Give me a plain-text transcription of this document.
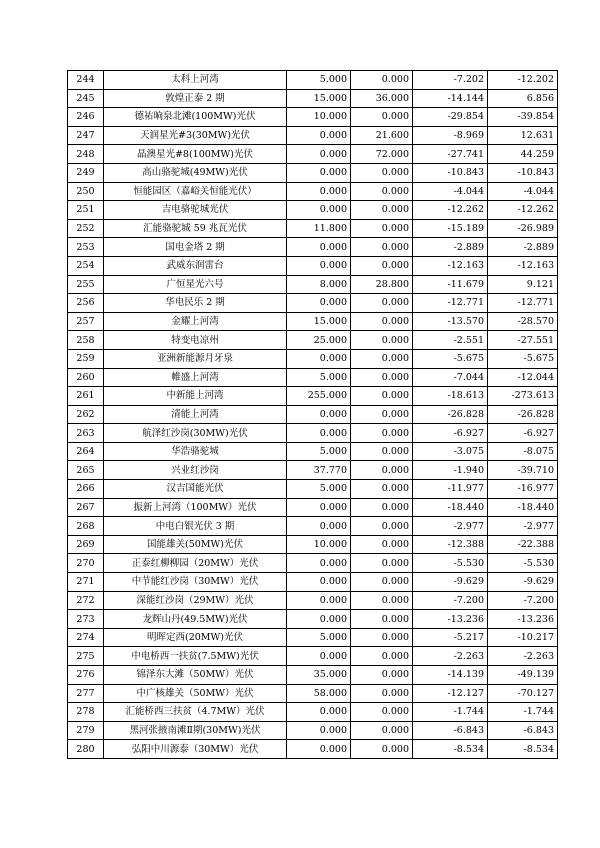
244	太科上河湾	5.000	0.000	-7.202	-12.202
245	敦煌正泰 2 期	15.000	36.000	-14.144	6.856
246	德祐晌泉北滩(100MW)光伏	10.000	0.000	-29.854	-39.854
247	天润星光#3(30MW)光伏	0.000	21.600	-8.969	12.631
248	晶澳星光#8(100MW)光伏	0.000	72.000	-27.741	44.259
249	高山骆驼城(49MW)光伏	0.000	0.000	-10.843	-10.843
250	恒能园区（嘉峪关恒能光伏）	0.000	0.000	-4.044	-4.044
251	吉电骆驼城光伏	0.000	0.000	-12.262	-12.262
252	汇能骆驼城 59 兆瓦光伏	11.800	0.000	-15.189	-26.989
253	国电金塔 2 期	0.000	0.000	-2.889	-2.889
254	武威东润雷台	0.000	0.000	-12.163	-12.163
255	广恒星光六号	8.000	28.800	-11.679	9.121
256	华电民乐 2 期	0.000	0.000	-12.771	-12.771
257	金耀上河湾	15.000	0.000	-13.570	-28.570
258	特变电凉州	25.000	0.000	-2.551	-27.551
259	亚洲新能源月牙泉	0.000	0.000	-5.675	-5.675
260	帷盛上河湾	5.000	0.000	-7.044	-12.044
261	中新能上河湾	255.000	0.000	-18.613	-273.613
262	清能上河湾	0.000	0.000	-26.828	-26.828
263	航泽红沙岗(30MW)光伏	0.000	0.000	-6.927	-6.927
264	华浩骆驼城	5.000	0.000	-3.075	-8.075
265	兴业红沙岗	37.770	0.000	-1.940	-39.710
266	汉吉国能光伏	5.000	0.000	-11.977	-16.977
267	振新上河湾（100MW）光伏	0.000	0.000	-18.440	-18.440
268	中电白银光伏 3 期	0.000	0.000	-2.977	-2.977
269	国能雄关(50MW)光伏	10.000	0.000	-12.388	-22.388
270	正泰红柳柳园（20MW）光伏	0.000	0.000	-5.530	-5.530
271	中节能红沙岗（30MW）光伏	0.000	0.000	-9.629	-9.629
272	深能红沙岗（29MW）光伏	0.000	0.000	-7.200	-7.200
273	龙辉山丹(49.5MW)光伏	0.000	0.000	-13.236	-13.236
274	明晖定西(20MW)光伏	5.000	0.000	-5.217	-10.217
275	中电桥西一扶贫(7.5MW)光伏	0.000	0.000	-2.263	-2.263
276	锦泽东大滩（50MW）光伏	35.000	0.000	-14.139	-49.139
277	中广核雄关（50MW）光伏	58.000	0.000	-12.127	-70.127
278	汇能桥西三扶贫（4.7MW）光伏	0.000	0.000	-1.744	-1.744
279	黑河张掖南滩Ⅱ期(30MW)光伏	0.000	0.000	-6.843	-6.843
280	弘阳中川源泰（30MW）光伏	0.000	0.000	-8.534	-8.534
